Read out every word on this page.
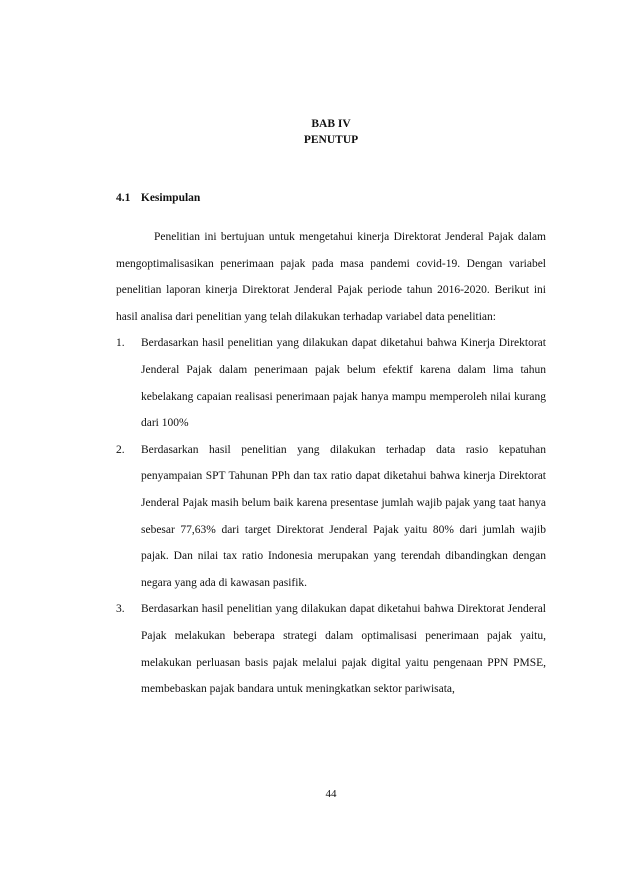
BAB IV
PENUTUP
4.1 Kesimpulan

Penelitian ini bertujuan untuk mengetahui kinerja Direktorat Jenderal Pajak dalam mengoptimalisasikan penerimaan pajak pada masa pandemi covid-19. Dengan variabel penelitian laporan kinerja Direktorat Jenderal Pajak periode tahun 2016-2020. Berikut ini hasil analisa dari penelitian yang telah dilakukan terhadap variabel data penelitian:

1. Berdasarkan hasil penelitian yang dilakukan dapat diketahui bahwa Kinerja Direktorat Jenderal Pajak dalam penerimaan pajak belum efektif karena dalam lima tahun kebelakang capaian realisasi penerimaan pajak hanya mampu memperoleh nilai kurang dari 100%
2. Berdasarkan hasil penelitian yang dilakukan terhadap data rasio kepatuhan penyampaian SPT Tahunan PPh dan tax ratio dapat diketahui bahwa kinerja Direktorat Jenderal Pajak masih belum baik karena presentase jumlah wajib pajak yang taat hanya sebesar 77,63% dari target Direktorat Jenderal Pajak yaitu 80% dari jumlah wajib pajak. Dan nilai tax ratio Indonesia merupakan yang terendah dibandingkan dengan negara yang ada di kawasan pasifik.
3. Berdasarkan hasil penelitian yang dilakukan dapat diketahui bahwa Direktorat Jenderal Pajak melakukan beberapa strategi dalam optimalisasi penerimaan pajak yaitu, melakukan perluasan basis pajak melalui pajak digital yaitu pengenaan PPN PMSE, membebaskan pajak bandara untuk meningkatkan sektor pariwisata,
44
